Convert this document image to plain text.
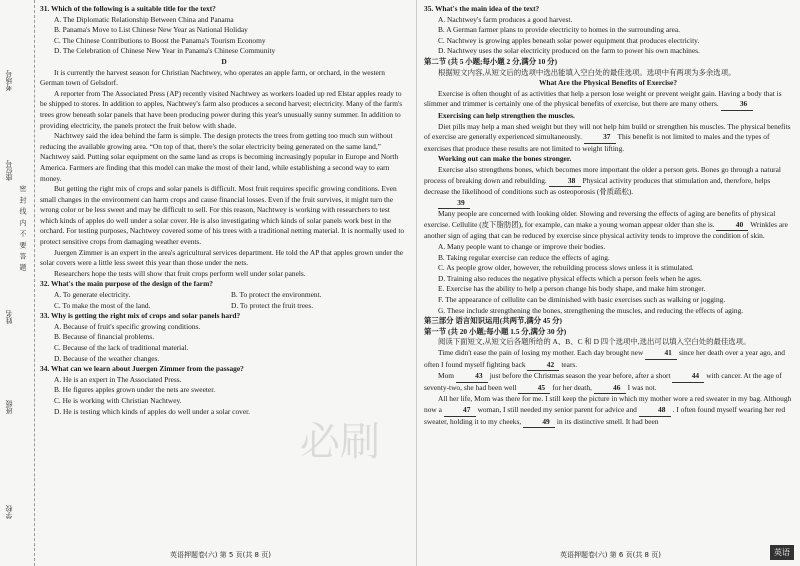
考场号
座位号
姓名
班级
学校
密 封 线 内 不 要 答 题

31. Which of the following is a suitable title for the text?

A. The Diplomatic Relationship Between China and Panama

B. Panama's Move to List Chinese New Year as National Holiday

C. The Chinese Contributions to Boost the Panama's Tourism Economy

D. The Celebration of Chinese New Year in Panama's Chinese Community

D

It is currently the harvest season for Christian Nachtwey, who operates an apple farm, or orchard, in the western German town of Gelsdorf.

A reporter from The Associated Press (AP) recently visited Nachtwey as workers loaded up red Elstar apples ready to be shipped to stores. In addition to apples, Nachtwey's farm also produces a second harvest; electricity. Many of the farm's trees grow beneath solar panels that have been producing power during this year's unusually sunny summer. In addition to providing electricity, the panels protect the fruit below with shade.

Nachtwey said the idea behind the farm is simple. The design protects the trees from getting too much sun without reducing the available growing area. “On top of that, there's the solar electricity being generated on the same land,” Nachtwey said. Putting solar equipment on the same land as crops is becoming increasingly popular in Europe and North America. Farmers are finding that this model can make the most of their land, while establishing a second way to earn money.

But getting the right mix of crops and solar panels is difficult. Most fruit requires specific growing conditions. Even small changes in the environment can harm crops and cause financial losses. Even if the fruit survives, it might turn the wrong color or be less sweet and may be difficult to sell. For this reason, Nachtwey is working with researchers to test which kinds of apples do well under a solar cover. He is also investigating which kinds of solar panels work best in the orchard. For testing purposes, Nachtwey covered some of his trees with a traditional netting material. It is normally used to protect sensitive crops from damaging weather events.

Juergen Zimmer is an expert in the area's agricultural services department. He told the AP that apples grown under the solar covers were a little less sweet this year than those under the nets.

Researchers hope the tests will show that fruit crops perform well under solar panels.

32. What's the main purpose of the design of the farm?

A. To generate electricity.	B. To protect the environment.
C. To make the most of the land.	D. To protect the fruit trees.

33. Why is getting the right mix of crops and solar panels hard?

A. Because of fruit's specific growing conditions.

B. Because of financial problems.

C. Because of the lack of traditional material.

D. Because of the weather changes.

34. What can we learn about Juergen Zimmer from the passage?

A. He is an expert in The Associated Press.

B. He figures apples grown under the nets are sweeter.

C. He is working with Christian Nachtwey.

D. He is testing which kinds of apples do well under a solar cover.

英语押题卷(六) 第 5 页(共 8 页)

35. What's the main idea of the text?

A. Nachtwey's farm produces a good harvest.

B. A German farmer plans to provide electricity to homes in the surrounding area.

C. Nachtwey is growing apples beneath solar power equipment that produces electricity.

D. Nachtwey uses the solar electricity produced on the farm to power his own machines.

第二节 (共 5 小题;每小题 2 分,满分 10 分)

根据短文内容,从短文后的选项中选出能填入空白处的最佳选项。选项中有两项为多余选项。

What Are the Physical Benefits of Exercise?

Exercise is often thought of as activities that help a person lose weight or prevent weight gain. Having a body that is slimmer and trimmer is certainly one of the physical benefits of exercise, but there are many others.	36

Exercising can help strengthen the muscles.

Diet pills may help a man shed weight but they will not help him build or strengthen his muscles. The physical benefits of exercise are generally experienced simultaneously.	37 This benefit is not limited to males and the types of exercises that produce these results are not limited to weight lifting.

Working out can make the bones stronger.

Exercise also strengthens bones, which becomes more important the older a person gets. Bones go through a natural process of breaking down and rebuilding.	38 Physical activity produces that stimulation and, therefore, helps decrease the likelihood of conditions such as osteoporosis (骨质疏松).

39

Many people are concerned with looking older. Slowing and reversing the effects of aging are benefits of physical exercise. Cellulite (皮下脂肪团), for example, can make a young woman appear older than she is.	40 Wrinkles are another sign of aging that can be reduced by exercise since physical activity tends to improve the condition of skin.

A. Many people want to change or improve their bodies.

B. Taking regular exercise can reduce the effects of aging.

C. As people grow older, however, the rebuilding process slows unless it is stimulated.

D. Training also reduces the negative physical effects which a person feels when he ages.

E. Exercise has the ability to help a person change his body shape, and make him stronger.

F. The appearance of cellulite can be diminished with basic exercises such as walking or jogging.

G. These include strengthening the bones, strengthening the muscles, and reducing the effects of aging.

第三部分 语言知识运用(共两节,满分 45 分)

第一节 (共 20 小题;每小题 1.5 分,满分 30 分)

阅读下面短文,从短文后各题所给的 A、B、C 和 D 四个选项中,选出可以填入空白处的最佳选项。

Time didn't ease the pain of losing my mother. Each day brought new	41 since her death over a year ago, and often I found myself fighting back	42 tears.

Mom	43 just before the Christmas season the year before, after a short	44 with cancer. At the age of seventy-two, she had been well	45 for her death,	46 I was not.

All her life, Mom was there for me. I still keep the picture in which my mother wore a red sweater in my bag. Although now a	47 woman, I still needed my senior parent for advice and	48 . I often found myself wearing her red sweater, holding it to my cheeks,	49 in its distinctive smell. It had been

英语押题卷(六) 第 6 页(共 8 页)	英语
必刷
